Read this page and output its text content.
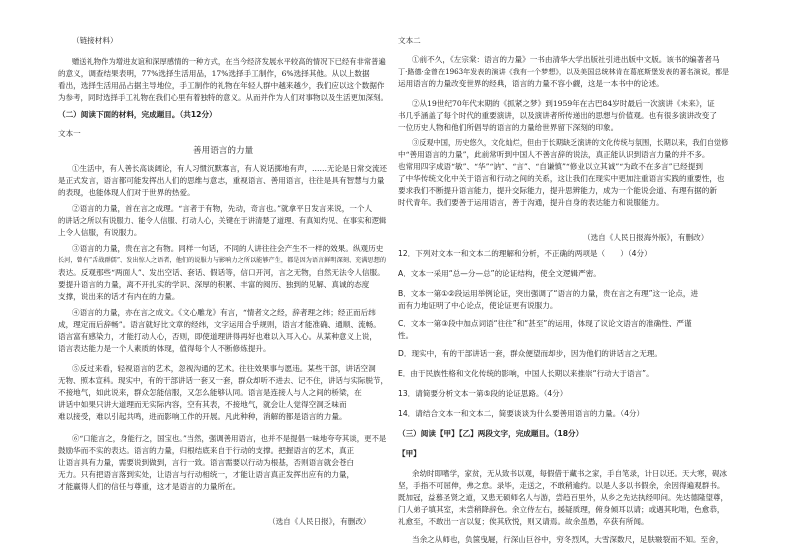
（链接材料）
赠送礼物作为增进友谊和深厚感情的一种方式，在当今经济发展水平较高的情况下已经有非常普遍
的意义，调查结果表明，77%选择生活用品，17%选择手工制作，6%选择其他。从以上数据
看出，选择生活用品占据主导地位，手工制作的礼物在年轻人群中越来越少，我们应以这个数据作
为参考，同时选择手工礼物在我们心里有着独特的意义。从而并作为人们对事物以及生活更加深刻。
（二）阅读下面的材料，完成题目。（共12分）
文本一
善用语言的力量
①生活中，有人善长高谈阔论，有人习惯沉默寡言，有人说话掷地有声，……无论是日常交流还
是正式发言，语言都可能发挥出人们的思维与意志，重视语言、善用语言，往往是具有智慧与力量
的表现，也能体现人们对于世界的热爱。
②语言的力量，首在言之成理。“言者于有物，先动，奇言也。”就拿平日发言来说，一个人
的讲话之所以有说服力、能令人信服、打动人心，关键在于讲清楚了道理、有真知灼见、在事实和逻辑
上令人信服，有说服力。
③语言的力量，贵在言之有物。同样一句话，不同的人讲往往会产生不一样的效果。纵观历史
长河，曾有“舌战群儒”、发出惊人之语者，他们的说服力与影响力之所以能够产生，都是因为语言鲜明深刻、充满思想的
表达。反观那些“两面人”、发出空话、套话、假话等，信口开河，言之无物，自然无法令人信服。
要提升语言的力量，离不开扎实的学识、深厚的积累、丰富的阅历、独到的见解、真诚的态度
支撑，说出来的话才有内在的力量。
④语言的力量，亦在言之成文。《文心雕龙》有言，“情者文之经，辞者理之纬；经正而后纬
成，理定而后辞畅”。语言就好比文章的经纬，文字运用合乎规则，语言才能准确、通顺、流畅。
语言富有感染力，才能打动人心，否则，即使道理讲得再好也难以入耳入心。从某种意义上说，
语言表达能力是一个人素质的体现，值得每个人不断修炼提升。
⑤反过来看，轻视语言的艺术，忽视沟通的艺术。往往效果事与愿违。某些干部，讲话空洞
无物、照本宣科。现实中，有的干部讲话一套又一套，群众却听不进去、记不住，讲话与实际脱节，
不接地气，如此说来，群众怎能信服，又怎么能够认同。语言是连接人与人之间的桥梁，在
讲话中如果只讲大道理而无实际内容，空有其表，不接地气，就会让人觉得空洞乏味而
难以接受，难以引起共鸣，进而影响工作的开展。凡此种种，消解的都是语言的力量。
⑥“口能言之，身能行之，国宝也。”当然，强调善用语言，也并不是提倡一味地夸夸其谈，更不是
鼓励华而不实的表达。语言的力量，归根结底来自于行动的支撑。把握语言的艺术，真正
让语言具有力量，需要说到做到，言行一致。语言需要以行动为根基，否则语言就会苍白
无力。只有把语言落到实处，让语言与行动相统一，才能让语言真正发挥出应有的力量，
才能赢得人们的信任与尊重，这才是语言的力量所在。
（选自《人民日报》，有删改）
文本二
①前不久，《左宗棠：语言的力量》一书由清华大学出版社引进出版中文版。该书的编著者马
丁·路德·金曾在1963年发表的演讲《我有一个梦想》，以及美国总统林肯在葛底斯堡发表的著名演说，都是
运用语言的力量改变世界的经典，语言的力量不容小觑，这是一本书中的论述。
②从19世纪70年代末期的《抓紧之梦》到1959年在古巴84岁时最后一次演讲《未来》，证
书几乎涵盖了每个时代的重要演讲，以及演讲者所传递出的思想与价值观。也有很多演讲改变了
一位历史人物和他们所倡导的语言的力量给世界留下深刻的印象。
③反观中国，历史悠久，文化灿烂，但由于长期缺乏演讲的文化传统与氛围，长期以来，我们自觉修
中“善用语言的力量”，此前常听到中国人不善言辞的说法，真正能认识到语言力量的并不多。
也常用四字成语“敏”、“华”“讷”、“言”、“自谦慎”“修业以立其诚”“为政不在多言”已经提到
了中华传统文化中关于语言和行动之间的关系，这让我们在现实中更加注重语言实践的重要性，也
要求我们不断提升语言能力，提升交际能力，提升思辨能力，成为一个能说会道、有理有据的新
时代青年。我们要善于运用语言，善于沟通，提升自身的表达能力和说服能力。
（选自《人民日报海外版》，有删改）
12．下列对文本一和文本二的理解和分析，不正确的两项是（　　）（4分）
A．文本一采用“总—分—总”的论证结构，使全文逻辑严密。
B．文本一第①②段运用举例论证，突出强调了“语言的力量，贵在言之有理”这一论点，进
而有力地证明了中心论点，使论证更有说服力。
C．文本一第③段中加点词语“往往”和“甚至”的运用，体现了议论文语言的准确性、严谨
性。
D．现实中，有的干部讲话一套，群众便望而却步，因为他们的讲话言之无理。
E．由于民族性格和文化传统的影响，中国人长期以来推崇“行动大于语言”。
13．请简要分析文本一第⑤段的论证思路。（4分）
14．请结合文本一和文本二，简要谈谈为什么要善用语言的力量。（4分）
（三）阅读【甲】【乙】两段文字，完成题目。（18分）
【甲】
余幼时即嗜学，家贫，无从致书以观，每假借于藏书之家，手自笔录，计日以还。天大寒，砚冰
坚，手指不可屈伸，弗之怠。录毕，走送之，不敢稍逾约。以是人多以书假余，余因得遍观群书。
既加冠，益慕圣贤之道，又患无硕师名人与游，尝趋百里外，从乡之先达执经叩问。先达德隆望尊，
门人弟子填其室，未尝稍降辞色。余立侍左右，援疑质理，俯身倾耳以请；或遇其叱咄，色愈恭，
礼愈至，不敢出一言以复；俟其欣悦，则又请焉。故余虽愚，卒获有所闻。
当余之从师也，负箧曳屣，行深山巨谷中，穷冬烈风，大雪深数尺，足肤皲裂而不知。至舍，
